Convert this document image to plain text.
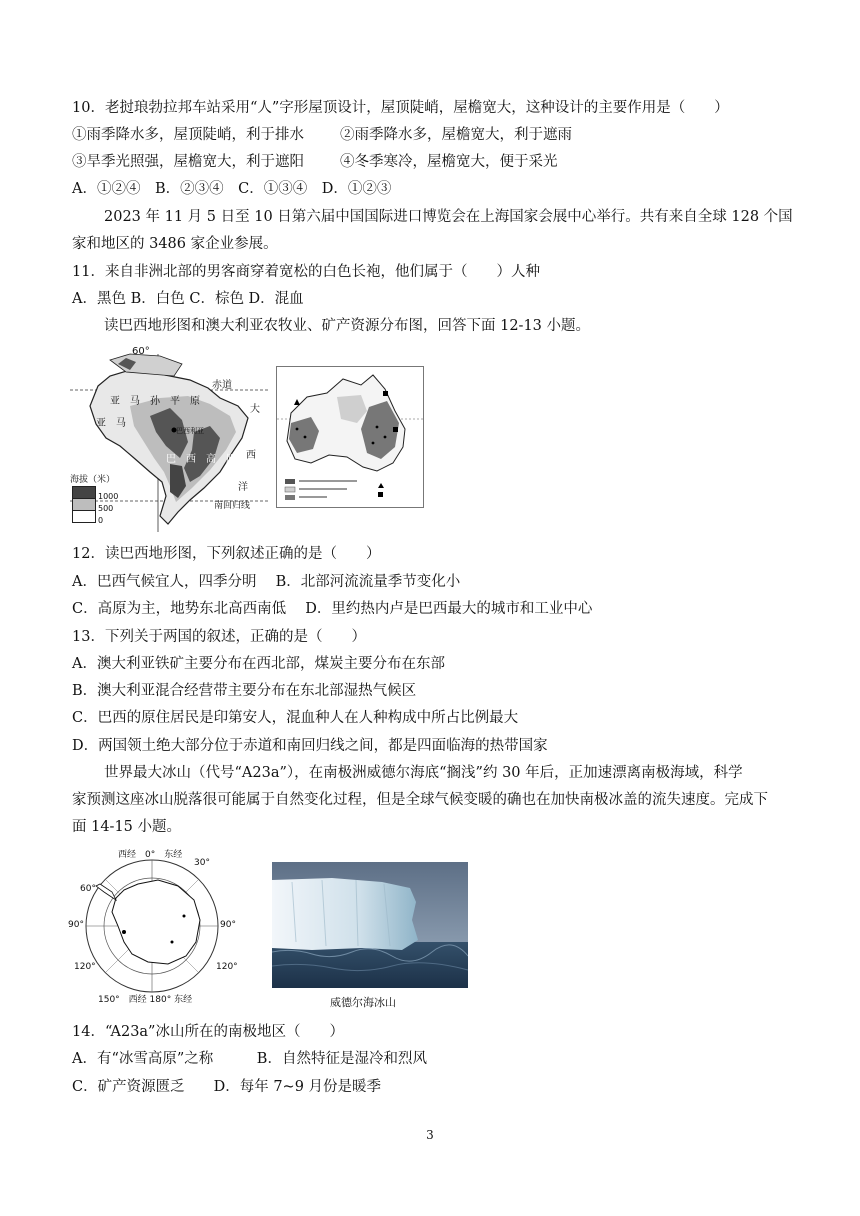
10．老挝琅勃拉邦车站采用“人”字形屋顶设计，屋顶陡峭，屋檐宽大，这种设计的主要作用是（　　）
①雨季降水多，屋顶陡峭，利于排水 ②雨季降水多，屋檐宽大，利于遮雨
③旱季光照强，屋檐宽大，利于遮阳 ④冬季寒冷，屋檐宽大，便于采光
A．①②④　B．②③④　C．①③④　D．①②③
2023 年 11 月 5 日至 10 日第六届中国国际进口博览会在上海国家会展中心举行。共有来自全球 128 个国
家和地区的 3486 家企业参展。
11．来自非洲北部的男客商穿着宽松的白色长袍，他们属于（　　）人种
A．黑色 B．白色 C．棕色 D．混血
读巴西地形图和澳大利亚农牧业、矿产资源分布图，回答下面 12-13 小题。
60°
赤道
亚　马　孙　平　原
亚　马
巴　西　高　原
巴西利亚
大
西
洋
南回归线
海拔（米）
1000
500
0
12．读巴西地形图，下列叙述正确的是（　　）
A．巴西气候宜人，四季分明　 B．北部河流流量季节变化小
C．高原为主，地势东北高西南低　 D．里约热内卢是巴西最大的城市和工业中心
13．下列关于两国的叙述，正确的是（　　）
A．澳大利亚铁矿主要分布在西北部，煤炭主要分布在东部
B．澳大利亚混合经营带主要分布在东北部湿热气候区
C．巴西的原住居民是印第安人，混血种人在人种构成中所占比例最大
D．两国领土绝大部分位于赤道和南回归线之间，都是四面临海的热带国家
世界最大冰山（代号“A23a”），在南极洲威德尔海底“搁浅”约 30 年后，正加速漂离南极海域，科学
家预测这座冰山脱落很可能属于自然变化过程，但是全球气候变暖的确也在加快南极冰盖的流失速度。完成下
面 14-15 小题。
西经　0°　东经
150°　西经 180° 东经
30°
60°
90°
120°
90°
120°
威德尔海冰山
14．“A23a”冰山所在的南极地区（　　）
A．有“冰雪高原”之称　　　B．自然特征是湿冷和烈风
C．矿产资源匮乏　　D．每年 7~9 月份是暖季
3
